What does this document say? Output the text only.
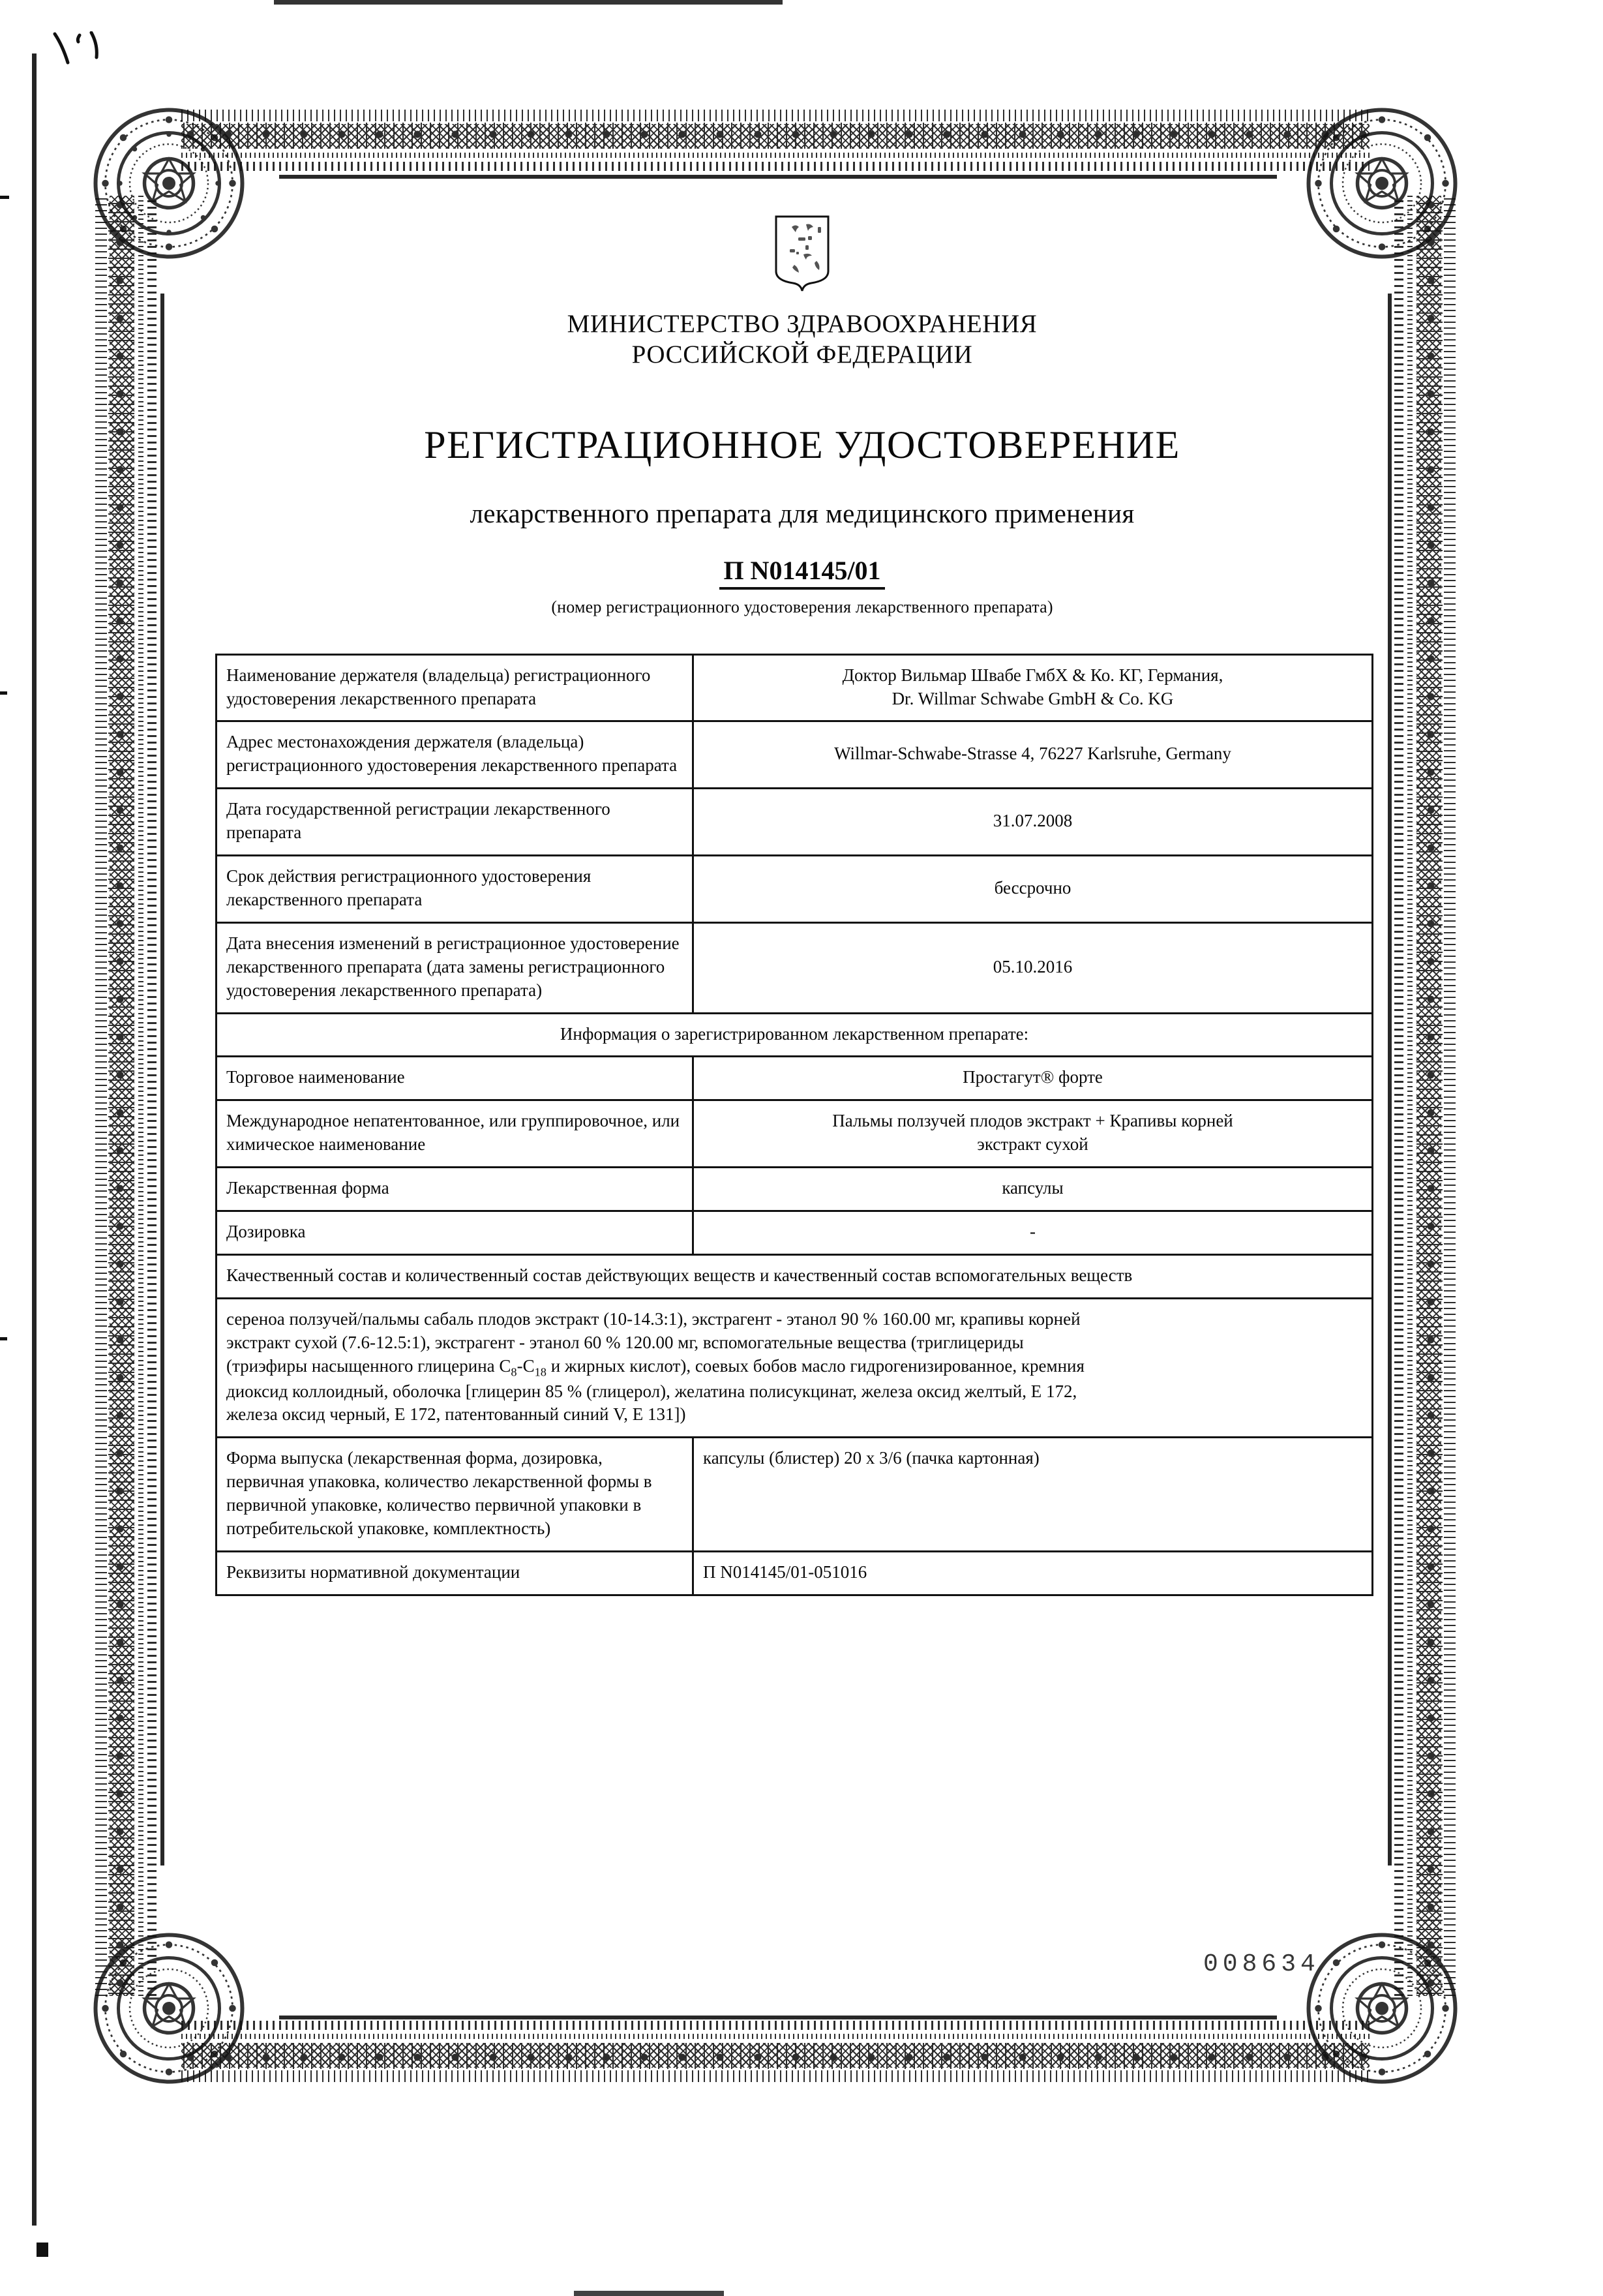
МИНИСТЕРСТВО ЗДРАВООХРАНЕНИЯ
РОССИЙСКОЙ ФЕДЕРАЦИИ
РЕГИСТРАЦИОННОЕ УДОСТОВЕРЕНИЕ
лекарственного препарата для медицинского применения
П N014145/01
(номер регистрационного удостоверения лекарственного препарата)
Наименование держателя (владельца) регистрационного удостоверения лекарственного препарата	Доктор Вильмар Швабе ГмбХ & Ко. КГ, Германия,
Dr. Willmar Schwabe GmbH & Co. KG

Адрес местонахождения держателя (владельца) регистрационного удостоверения лекарственного препарата	Willmar-Schwabe-Strasse 4, 76227 Karlsruhe, Germany

Дата государственной регистрации лекарственного препарата	31.07.2008
Срок действия регистрационного удостоверения лекарственного препарата	бессрочно
Дата внесения изменений в регистрационное удостоверение лекарственного препарата (дата замены регистрационного удостоверения лекарственного препарата)	05.10.2016
Информация о зарегистрированном лекарственном препарате:	
Торговое наименование	Простагут® форте
Международное непатентованное, или группировочное, или химическое наименование	Пальмы ползучей плодов экстракт + Крапивы корней
экстракт сухой

Лекарственная форма	капсулы
Дозировка	-
Качественный состав и количественный состав действующих веществ и качественный состав вспомогательных веществ	

сереноа ползучей/пальмы сабаль плодов экстракт (10-14.3:1), экстрагент - этанол 90 % 160.00 мг, крапивы корней
экстракт сухой (7.6-12.5:1), экстрагент - этанол 60 % 120.00 мг, вспомогательные вещества (триглицериды
(триэфиры насыщенного глицерина $C_8-C_{18}$ и жирных кислот), соевых бобов масло гидрогенизированное, кремния
диоксид коллоидный, оболочка [глицерин 85 % (глицерол), желатина полисукцинат, железа оксид желтый, Е 172,
железа оксид черный, Е 172, патентованный синий V, Е 131])	

Форма выпуска (лекарственная форма, дозировка, первичная упаковка, количество лекарственной формы в первичной упаковке, количество первичной упаковки в потребительской упаковке, комплектность)	капсулы (блистер) 20 x 3/6 (пачка картонная)
Реквизиты нормативной документации	П N014145/01-051016
008634
